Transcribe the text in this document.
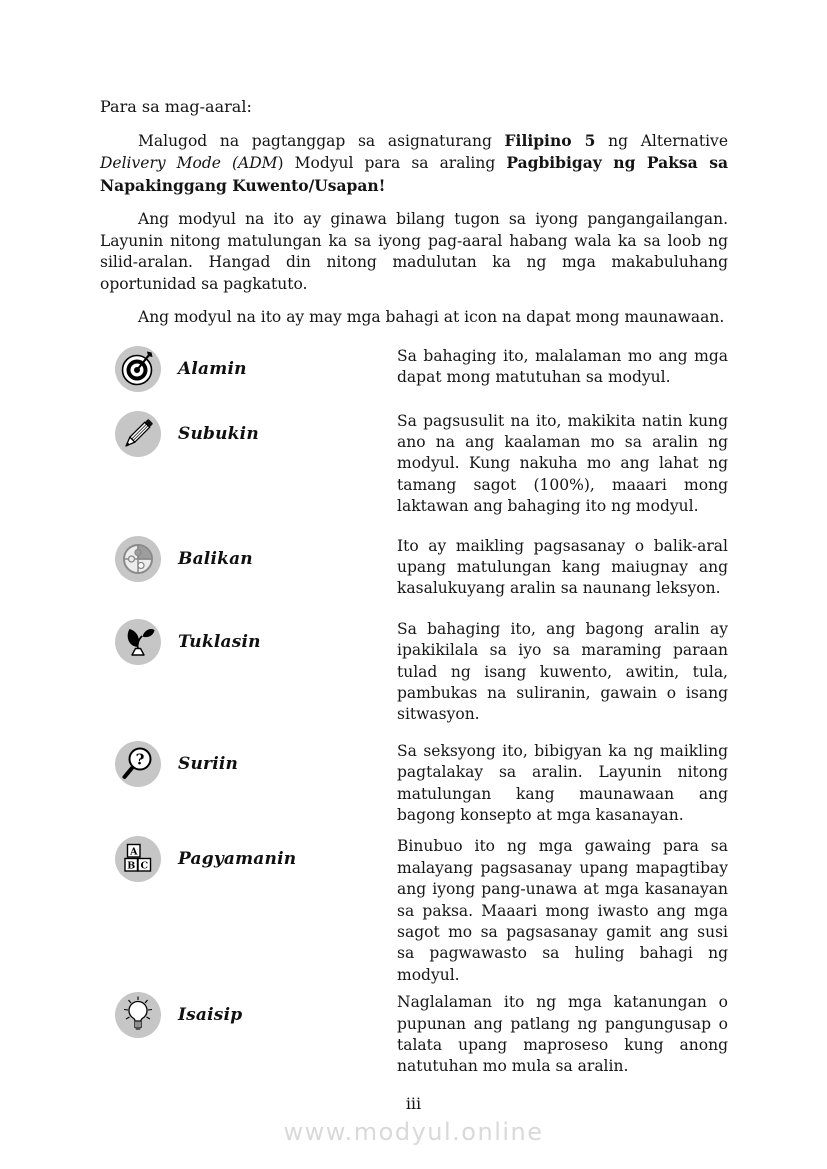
Para sa mag-aaral:

Malugod na pagtanggap sa asignaturang Filipino 5 ng Alternative Delivery Mode (ADM) Modyul para sa araling Pagbibigay ng Paksa sa Napakinggang Kuwento/Usapan!

Ang modyul na ito ay ginawa bilang tugon sa iyong pangangailangan. Layunin nitong matulungan ka sa iyong pag-aaral habang wala ka sa loob ng silid-aralan. Hangad din nitong madulutan ka ng mga makabuluhang oportunidad sa pagkatuto.

Ang modyul na ito ay may mga bahagi at icon na dapat mong maunawaan.

Alamin
Sa bahaging ito, malalaman mo ang mga dapat mong matutuhan sa modyul.
Subukin
Sa pagsusulit na ito, makikita natin kung ano na ang kaalaman mo sa aralin ng modyul. Kung nakuha mo ang lahat ng tamang sagot (100%), maaari mong laktawan ang bahaging ito ng modyul.
Balikan
Ito ay maikling pagsasanay o balik-aral upang matulungan kang maiugnay ang kasalukuyang aralin sa naunang leksyon.
Tuklasin
Sa bahaging ito, ang bagong aralin ay ipakikilala sa iyo sa maraming paraan tulad ng isang kuwento, awitin, tula, pambukas na suliranin, gawain o isang sitwasyon.
? Suriin
Sa seksyong ito, bibigyan ka ng maikling pagtalakay sa aralin. Layunin nitong matulungan kang maunawaan ang bagong konsepto at mga kasanayan.
A
B C Pagyamanin
Binubuo ito ng mga gawaing para sa malayang pagsasanay upang mapagtibay ang iyong pang-unawa at mga kasanayan sa paksa. Maaari mong iwasto ang mga sagot mo sa pagsasanay gamit ang susi sa pagwawasto sa huling bahagi ng modyul.
Isaisip
Naglalaman ito ng mga katanungan o pupunan ang patlang ng pangungusap o talata upang maproseso kung anong natutuhan mo mula sa aralin.
iii
www.modyul.online
